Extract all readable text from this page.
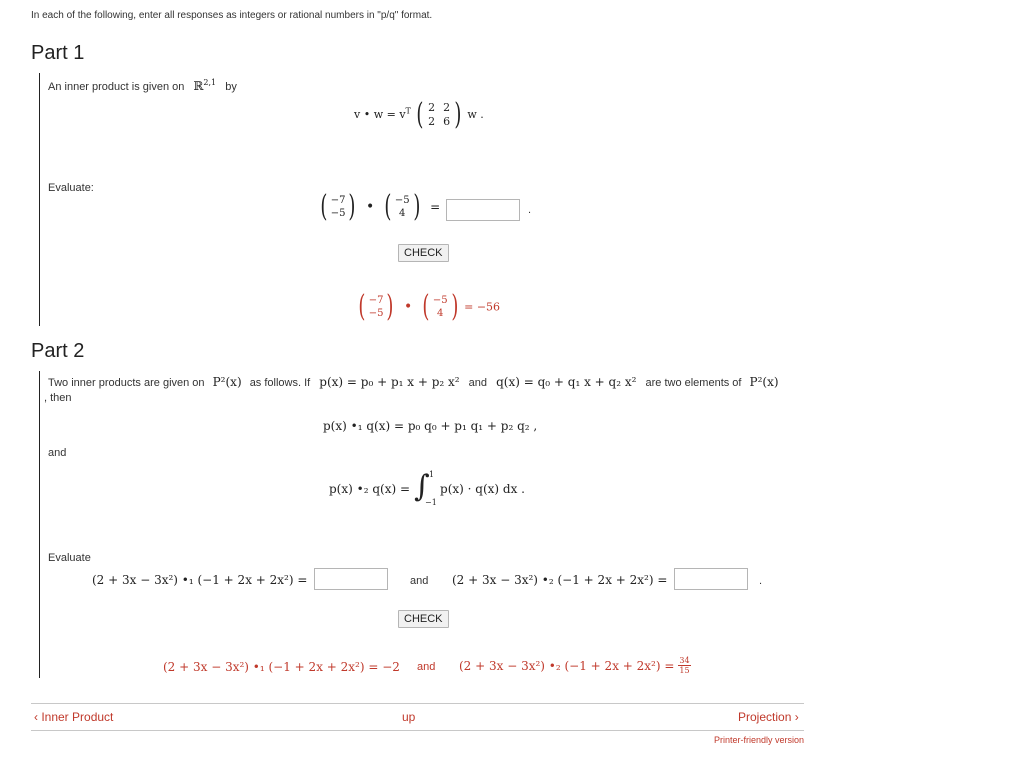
In each of the following, enter all responses as integers or rational numbers in "p/q" format.
Part 1
An inner product is given on ℝ$^{2,1}$ by
v • $w = v^T$ ( 2 2
2 6 ) w .
Evaluate:
( −7
−5 ) • ( −5
4 ) =	.
CHECK
( −7
−5 ) • ( −5
4 ) = −56
Part 2
Two inner products are given on P²(x) as follows. If p(x) = p₀ + p₁ x + p₂ x² and q(x) = q₀ + q₁ x + q₂ x² are two elements of P²(x)
, then
p(x) •₁ q(x) = p₀ q₀ + p₁ q₁ + p₂ q₂ ,
and
p(x) •₂ q(x) = ∫ 1
−1
p(x) · q(x) dx .
Evaluate
(2 + 3x − 3x²) •₁ (−1 + 2x + 2x²) =	and (2 + 3x − 3x²) •₂ (−1 + 2x + 2x²) =	.
CHECK
(2 + 3x − 3x²) •₁ (−1 + 2x + 2x²) = −2 and (2 + 3x − 3x²) •₂ $(-1 + 2x + 2x^2) = \frac{34}{15}$
‹ Inner Product	up	Projection ›
Printer-friendly version
